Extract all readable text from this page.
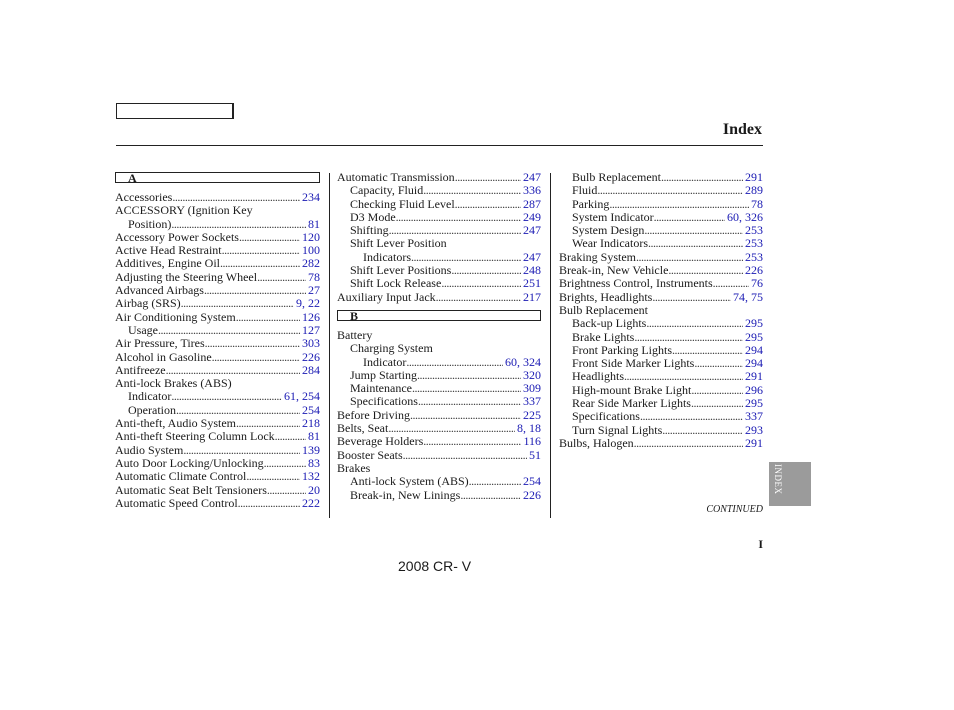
Index
A
Accessories .....	234
ACCESSORY (Ignition Key
Position) .....	81
Accessory Power Sockets .....	120
Active Head Restraint .....	100
Additives, Engine Oil .....	282
Adjusting the Steering Wheel .....	78
Advanced Airbags .....	27
Airbag (SRS) .....	9, 22
Air Conditioning System .....	126
Usage .....	127
Air Pressure, Tires .....	303
Alcohol in Gasoline .....	226
Antifreeze .....	284
Anti-lock Brakes (ABS)
Indicator .....	61, 254
Operation .....	254
Anti-theft, Audio System .....	218
Anti-theft Steering Column Lock .....	81
Audio System .....	139
Auto Door Locking/Unlocking .....	83
Automatic Climate Control .....	132
Automatic Seat Belt Tensioners .....	20
Automatic Speed Control .....	222
Automatic Transmission .....	247
Capacity, Fluid .....	336
Checking Fluid Level .....	287
D3 Mode .....	249
Shifting .....	247
Shift Lever Position
Indicators .....	247
Shift Lever Positions .....	248
Shift Lock Release .....	251
Auxiliary Input Jack .....	217
B
Battery
Charging System
Indicator .....	60, 324
Jump Starting .....	320
Maintenance .....	309
Specifications .....	337
Before Driving .....	225
Belts, Seat .....	8, 18
Beverage Holders .....	116
Booster Seats .....	51
Brakes
Anti-lock System (ABS) .....	254
Break-in, New Linings .....	226
Bulb Replacement .....	291
Fluid .....	289
Parking .....	78
System Indicator .....	60, 326
System Design .....	253
Wear Indicators .....	253
Braking System .....	253
Break-in, New Vehicle .....	226
Brightness Control, Instruments .....	76
Brights, Headlights .....	74, 75
Bulb Replacement
Back-up Lights .....	295
Brake Lights .....	295
Front Parking Lights .....	294
Front Side Marker Lights .....	294
Headlights .....	291
High-mount Brake Light .....	296
Rear Side Marker Lights .....	295
Specifications .....	337
Turn Signal Lights .....	293
Bulbs, Halogen .....	291
INDEX
CONTINUED
I
2008 CR- V
